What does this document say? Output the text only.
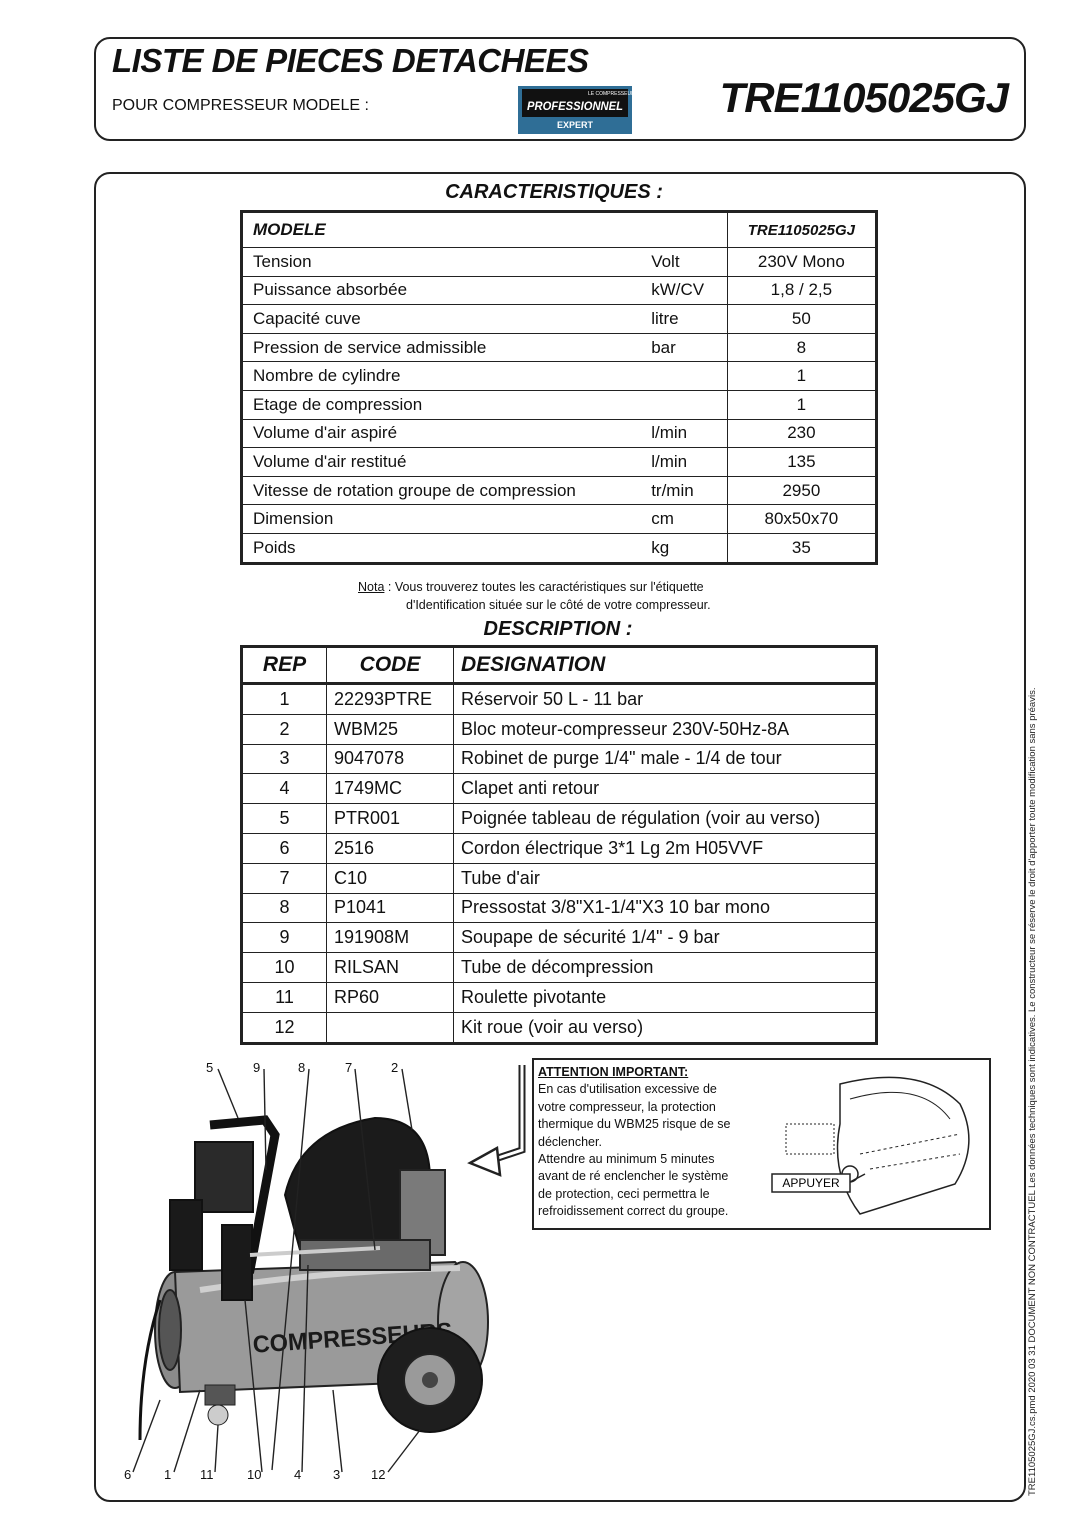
LISTE DE PIECES DETACHEES
POUR COMPRESSEUR MODELE :
LE COMPRESSEUR
PROFESSIONNEL
EXPERT
TRE1105025GJ
CARACTERISTIQUES :
MODELE		TRE1105025GJ
Tension	Volt	230V Mono
Puissance absorbée	kW/CV	1,8 / 2,5
Capacité cuve	litre	50
Pression de service admissible	bar	8
Nombre de cylindre		1
Etage de compression		1
Volume d'air aspiré	l/min	230
Volume d'air restitué	l/min	135
Vitesse de rotation groupe de compression	tr/min	2950
Dimension	cm	80x50x70
Poids	kg	35
Nota : Vous trouverez toutes les caractéristiques sur l'étiquette
d'Identification située sur le côté de votre compresseur.
DESCRIPTION :
REP	CODE	DESIGNATION
1	22293PTRE	Réservoir 50 L - 11 bar
2	WBM25	Bloc moteur-compresseur 230V-50Hz-8A
3	9047078	Robinet de purge 1/4" male - 1/4 de tour
4	1749MC	Clapet anti retour
5	PTR001	Poignée tableau de régulation (voir au verso)
6	2516	Cordon électrique 3*1 Lg 2m H05VVF
7	C10	Tube d'air
8	P1041	Pressostat 3/8"X1-1/4"X3 10 bar mono
9	191908M	Soupape de sécurité 1/4" - 9 bar
10	RILSAN	Tube de décompression
11	RP60	Roulette pivotante
12		Kit roue (voir au verso)
COMPRESSEURS
5	9	8	7	2
6	1 11	10	4 3 12
ATTENTION IMPORTANT:
En cas d'utilisation excessive de
votre compresseur, la protection
thermique du WBM25 risque de se
déclencher.
Attendre au minimum 5 minutes
avant de ré enclencher le système
de protection, ceci permettra le
refroidissement correct du groupe.
APPUYER	TRE1105025GJ.cs.pmd 2020 03 31 DOCUMENT NON CONTRACTUEL Les données techniques sont indicatives. Le constructeur se réserve le droit d'apporter toute modification sans préavis.
